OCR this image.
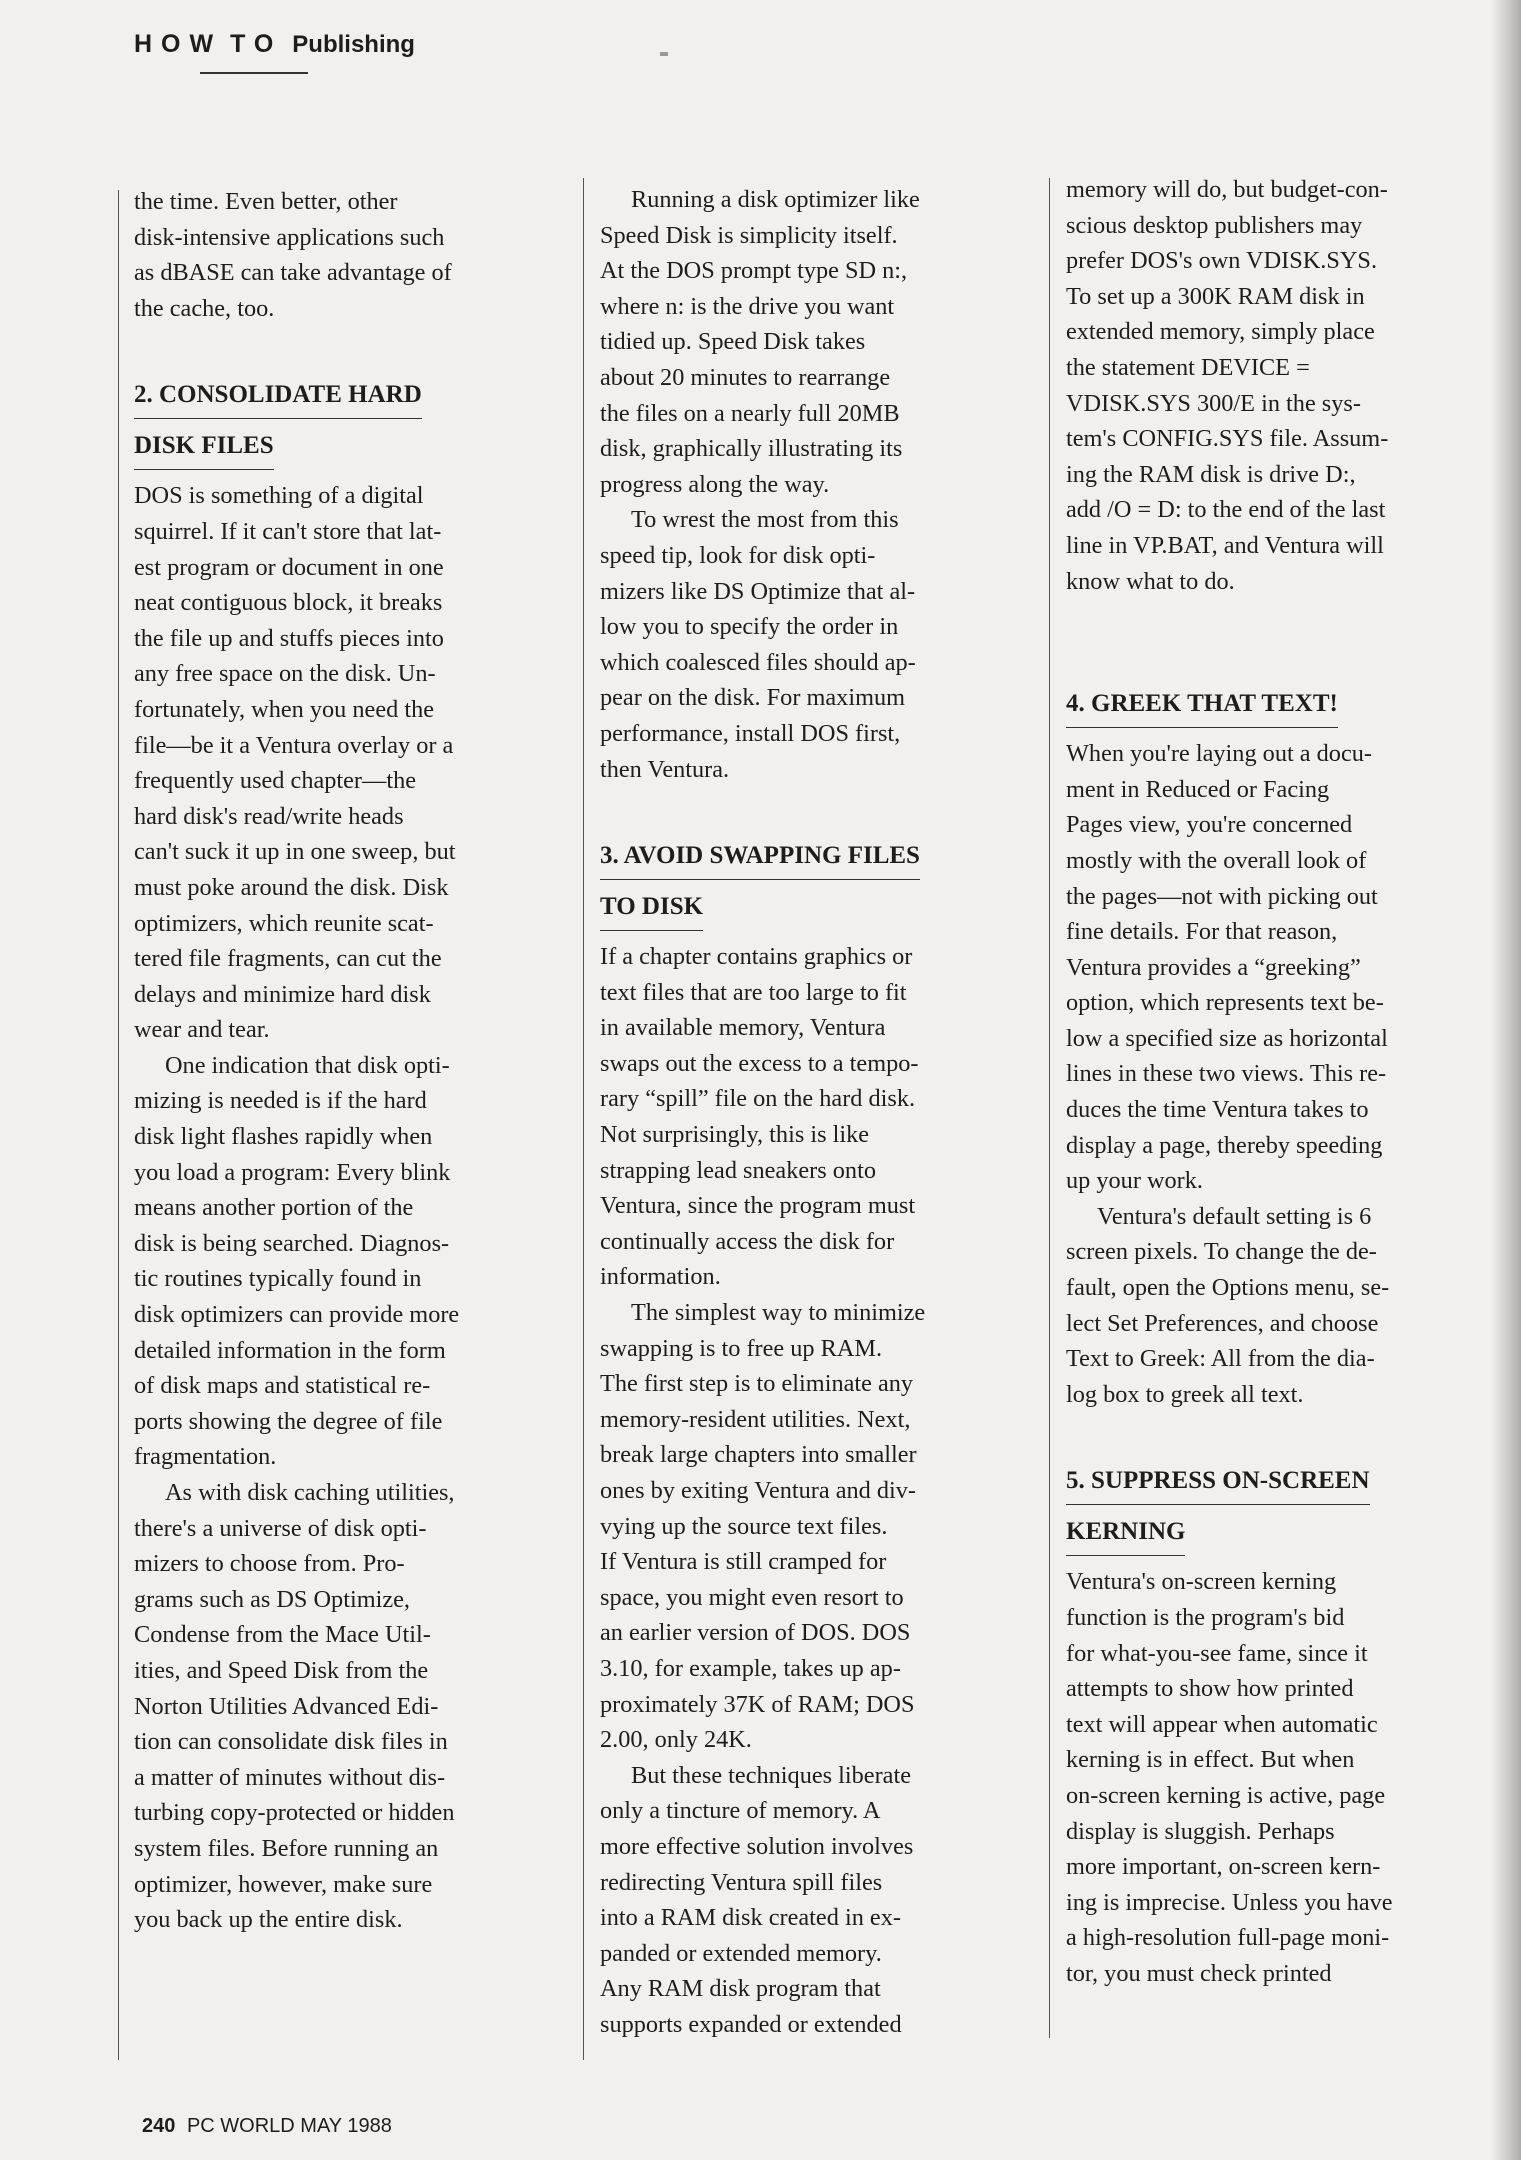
HOW TO Publishing

the time. Even better, other

disk-intensive applications such

as dBASE can take advantage of

the cache, too.

2. CONSOLIDATE HARD
DISK FILES

DOS is something of a digital

squirrel. If it can't store that lat-

est program or document in one

neat contiguous block, it breaks

the file up and stuffs pieces into

any free space on the disk. Un-

fortunately, when you need the

file—be it a Ventura overlay or a

frequently used chapter—the

hard disk's read/write heads

can't suck it up in one sweep, but

must poke around the disk. Disk

optimizers, which reunite scat-

tered file fragments, can cut the

delays and minimize hard disk

wear and tear.

One indication that disk opti-

mizing is needed is if the hard

disk light flashes rapidly when

you load a program: Every blink

means another portion of the

disk is being searched. Diagnos-

tic routines typically found in

disk optimizers can provide more

detailed information in the form

of disk maps and statistical re-

ports showing the degree of file

fragmentation.

As with disk caching utilities,

there's a universe of disk opti-

mizers to choose from. Pro-

grams such as DS Optimize,

Condense from the Mace Util-

ities, and Speed Disk from the

Norton Utilities Advanced Edi-

tion can consolidate disk files in

a matter of minutes without dis-

turbing copy-protected or hidden

system files. Before running an

optimizer, however, make sure

you back up the entire disk.

Running a disk optimizer like

Speed Disk is simplicity itself.

At the DOS prompt type SD n:,

where n: is the drive you want

tidied up. Speed Disk takes

about 20 minutes to rearrange

the files on a nearly full 20MB

disk, graphically illustrating its

progress along the way.

To wrest the most from this

speed tip, look for disk opti-

mizers like DS Optimize that al-

low you to specify the order in

which coalesced files should ap-

pear on the disk. For maximum

performance, install DOS first,

then Ventura.

3. AVOID SWAPPING FILES
TO DISK

If a chapter contains graphics or

text files that are too large to fit

in available memory, Ventura

swaps out the excess to a tempo-

rary “spill” file on the hard disk.

Not surprisingly, this is like

strapping lead sneakers onto

Ventura, since the program must

continually access the disk for

information.

The simplest way to minimize

swapping is to free up RAM.

The first step is to eliminate any

memory-resident utilities. Next,

break large chapters into smaller

ones by exiting Ventura and div-

vying up the source text files.

If Ventura is still cramped for

space, you might even resort to

an earlier version of DOS. DOS

3.10, for example, takes up ap-

proximately 37K of RAM; DOS

2.00, only 24K.

But these techniques liberate

only a tincture of memory. A

more effective solution involves

redirecting Ventura spill files

into a RAM disk created in ex-

panded or extended memory.

Any RAM disk program that

supports expanded or extended

memory will do, but budget-con-

scious desktop publishers may

prefer DOS's own VDISK.SYS.

To set up a 300K RAM disk in

extended memory, simply place

the statement DEVICE =

VDISK.SYS 300/E in the sys-

tem's CONFIG.SYS file. Assum-

ing the RAM disk is drive D:,

add /O = D: to the end of the last

line in VP.BAT, and Ventura will

know what to do.

4. GREEK THAT TEXT!

When you're laying out a docu-

ment in Reduced or Facing

Pages view, you're concerned

mostly with the overall look of

the pages—not with picking out

fine details. For that reason,

Ventura provides a “greeking”

option, which represents text be-

low a specified size as horizontal

lines in these two views. This re-

duces the time Ventura takes to

display a page, thereby speeding

up your work.

Ventura's default setting is 6

screen pixels. To change the de-

fault, open the Options menu, se-

lect Set Preferences, and choose

Text to Greek: All from the dia-

log box to greek all text.

5. SUPPRESS ON-SCREEN
KERNING

Ventura's on-screen kerning

function is the program's bid

for what-you-see fame, since it

attempts to show how printed

text will appear when automatic

kerning is in effect. But when

on-screen kerning is active, page

display is sluggish. Perhaps

more important, on-screen kern-

ing is imprecise. Unless you have

a high-resolution full-page moni-

tor, you must check printed

240 PC WORLD MAY 1988
